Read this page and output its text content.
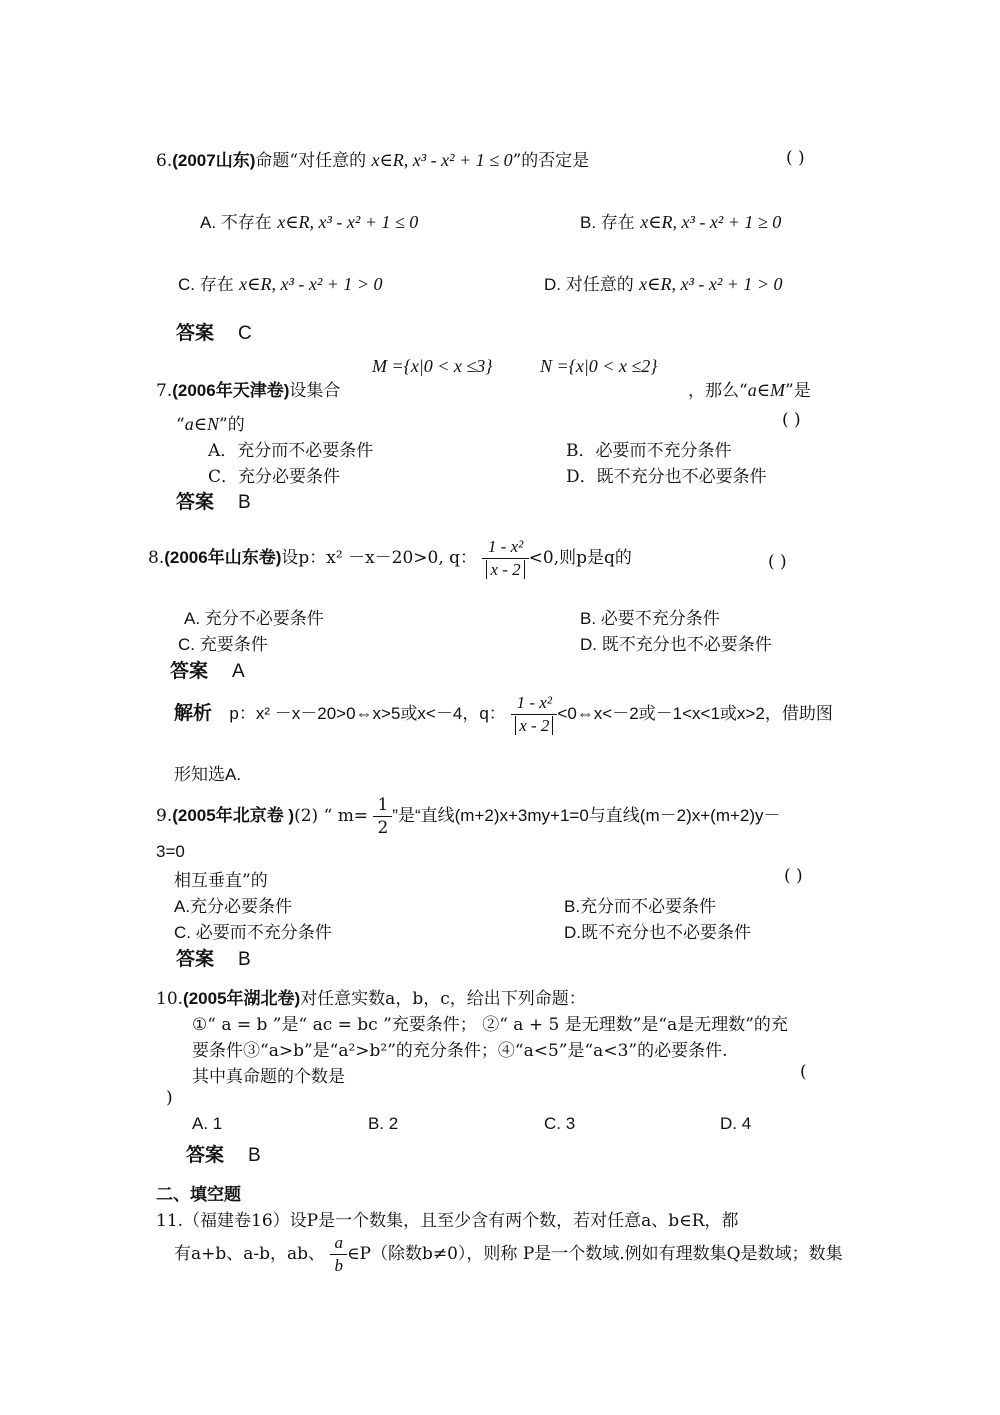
6.(2007山东)命题“对任意的 x∈R, x³ - x² + 1 ≤ 0”的否定是	( )
A. 不存在 x∈R, x³ - x² + 1 ≤ 0	B. 存在 x∈R, x³ - x² + 1 ≥ 0
C. 存在 x∈R, x³ - x² + 1 > 0	D. 对任意的 x∈R, x³ - x² + 1 > 0
答案 C
M ={x|0 < x ≤3}	N ={x|0 < x ≤2}
7.(2006年天津卷)设集合	，那么“a∈M”是
“a∈N”的	( )
A．充分而不必要条件	B．必要而不充分条件
C．充分必要条件	D．既不充分也不必要条件
答案 B
8.(2006年山东卷)设p：x² －x－20>0, q： $\frac{\text{1 - x²}}{x - 2} <0$,则p是q的	( )
A. 充分不必要条件	B. 必要不充分条件
C. 充要条件	D. 既不充分也不必要条件
答案 A
解析 p：x² －x－20>0⇔x>5或x<－4，q： $\frac{\text{1 - x²}}{x - 2}$ <0⇔x<－2或－1<x<1或x>2，借助图
形知选A.
9.(2005年北京卷 )(2) “ $m= \frac{1}{2}$ ”是“直线(m+2)x+3my+1=0与直线(m－2)x+(m+2)y－
3=0
相互垂直”的	( )
A.充分必要条件	B.充分而不必要条件
C. 必要而不充分条件	D.既不充分也不必要条件
答案 B
10.(2005年湖北卷)对任意实数a，b，c，给出下列命题：
①“ a = b ”是“ ac = bc ”充要条件； ②“ a + 5 是无理数”是“a是无理数”的充
要条件③“a>b”是“a²>b²”的充分条件；④“a<5”是“a<3”的必要条件.
其中真命题的个数是	(
)
A. 1	B. 2	C. 3	D. 4
答案 B
二、填空题
11.（福建卷16）设P是一个数集，且至少含有两个数，若对任意a、b∈R，都
有a+b、a-b，ab、 $\frac{a}{b}$ ∈P（除数b≠0），则称 P是一个数域.例如有理数集Q是数域；数集
